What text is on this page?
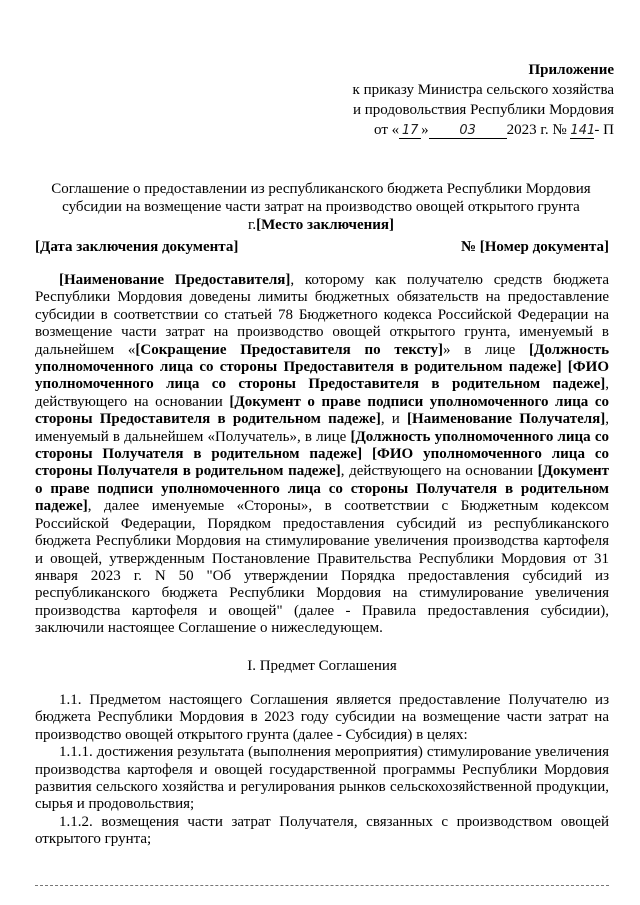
Приложение
к приказу Министра сельского хозяйства
и продовольствия Республики Мордовия
от « 17 » 03 2023 г. № 141- П
Соглашение о предоставлении из республиканского бюджета Республики Мордовия
субсидии на возмещение части затрат на производство овощей открытого грунта
г.[Место заключения]
[Дата заключения документа]	№ [Номер документа]

[Наименование Предоставителя], которому как получателю средств бюджета Республики Мордовия доведены лимиты бюджетных обязательств на предоставление субсидии в соответствии со статьей 78 Бюджетного кодекса Российской Федерации на возмещение части затрат на производство овощей открытого грунта, именуемый в дальнейшем «[Сокращение Предоставителя по тексту]» в лице [Должность уполномоченного лица со стороны Предоставителя в родительном падеже] [ФИО уполномоченного лица со стороны Предоставителя в родительном падеже], действующего на основании [Документ о праве подписи уполномоченного лица со стороны Предоставителя в родительном падеже], и [Наименование Получателя], именуемый в дальнейшем «Получатель», в лице [Должность уполномоченного лица со стороны Получателя в родительном падеже] [ФИО уполномоченного лица со стороны Получателя в родительном падеже], действующего на основании [Документ о праве подписи уполномоченного лица со стороны Получателя в родительном падеже], далее именуемые «Стороны», в соответствии с Бюджетным кодексом Российской Федерации, Порядком предоставления субсидий из республиканского бюджета Республики Мордовия на стимулирование увеличения производства картофеля и овощей, утвержденным Постановление Правительства Республики Мордовия от 31 января 2023 г. N 50 "Об утверждении Порядка предоставления субсидий из республиканского бюджета Республики Мордовия на стимулирование увеличения производства картофеля и овощей" (далее - Правила предоставления субсидии), заключили настоящее Соглашение о нижеследующем.

I. Предмет Соглашения

1.1. Предметом настоящего Соглашения является предоставление Получателю из бюджета Республики Мордовия в 2023 году субсидии на возмещение части затрат на производство овощей открытого грунта (далее - Субсидия) в целях:

1.1.1. достижения результата (выполнения мероприятия) стимулирование увеличения производства картофеля и овощей государственной программы Республики Мордовия развития сельского хозяйства и регулирования рынков сельскохозяйственной продукции, сырья и продовольствия;

1.1.2. возмещения части затрат Получателя, связанных с производством овощей открытого грунта;
